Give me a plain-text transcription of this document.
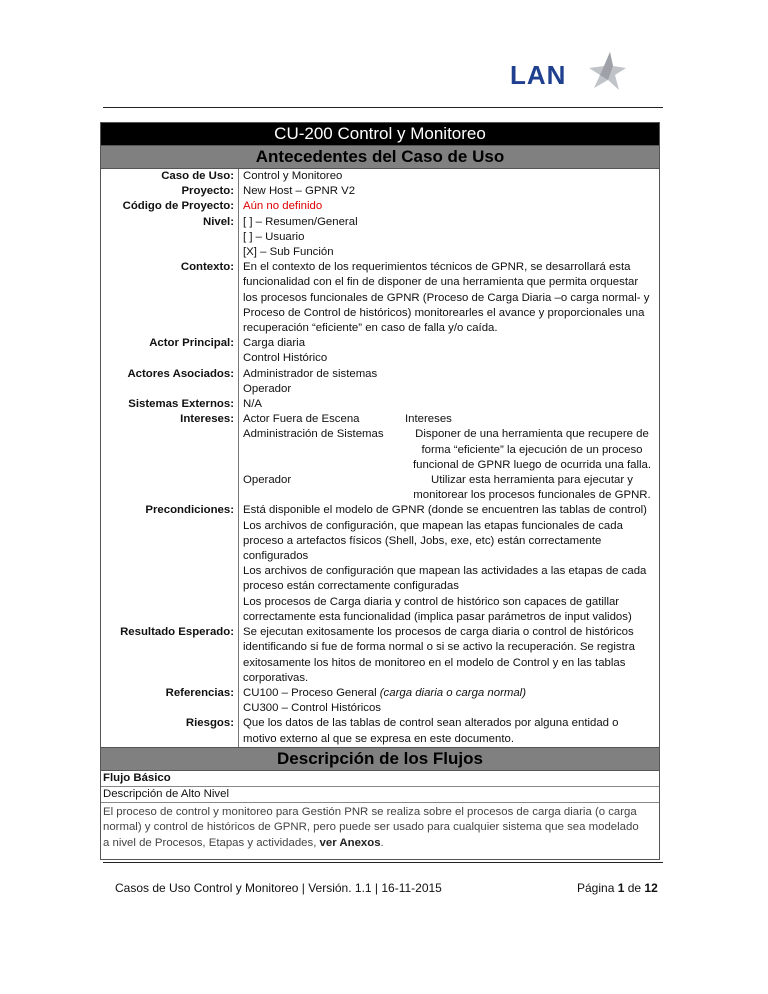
LAN
CU-200 Control y Monitoreo
Antecedentes del Caso de Uso
Caso de Uso: Control y Monitoreo
Proyecto: New Host – GPNR V2
Código de Proyecto: Aún no definido
Nivel: [ ] – Resumen/General
[ ] – Usuario
[X] – Sub Función
Contexto: En el contexto de los requerimientos técnicos de GPNR, se desarrollará esta
funcionalidad con el fin de disponer de una herramienta que permita orquestar
los procesos funcionales de GPNR (Proceso de Carga Diaria –o carga normal- y
Proceso de Control de históricos) monitorearles el avance y proporcionales una
recuperación “eficiente” en caso de falla y/o caída.
Actor Principal: Carga diaria
Control Histórico
Actores Asociados: Administrador de sistemas
Operador
Sistemas Externos: N/A
Intereses: Actor Fuera de Escena	Intereses
Administración de Sistemas	Disponer de una herramienta que recupere de
forma “eficiente” la ejecución de un proceso
funcional de GPNR luego de ocurrida una falla.
Operador	Utilizar esta herramienta para ejecutar y
monitorear los procesos funcionales de GPNR.
Precondiciones: Está disponible el modelo de GPNR (donde se encuentren las tablas de control)
Los archivos de configuración, que mapean las etapas funcionales de cada
proceso a artefactos físicos (Shell, Jobs, exe, etc) están correctamente
configurados
Los archivos de configuración que mapean las actividades a las etapas de cada
proceso están correctamente configuradas
Los procesos de Carga diaria y control de histórico son capaces de gatillar
correctamente esta funcionalidad (implica pasar parámetros de input validos)
Resultado Esperado: Se ejecutan exitosamente los procesos de carga diaria o control de históricos
identificando si fue de forma normal o si se activo la recuperación. Se registra
exitosamente los hitos de monitoreo en el modelo de Control y en las tablas
corporativas.
Referencias: CU100 – Proceso General (carga diaria o carga normal)
CU300 – Control Históricos
Riesgos: Que los datos de las tablas de control sean alterados por alguna entidad o
motivo externo al que se expresa en este documento.
Descripción de los Flujos
Flujo Básico
Descripción de Alto Nivel
El proceso de control y monitoreo para Gestión PNR se realiza sobre el procesos de carga diaria (o carga
normal) y control de históricos de GPNR, pero puede ser usado para cualquier sistema que sea modelado
a nivel de Procesos, Etapas y actividades, ver Anexos.
Casos de Uso Control y Monitoreo | Versión. 1.1 | 16-11-2015	Página 1 de 12
